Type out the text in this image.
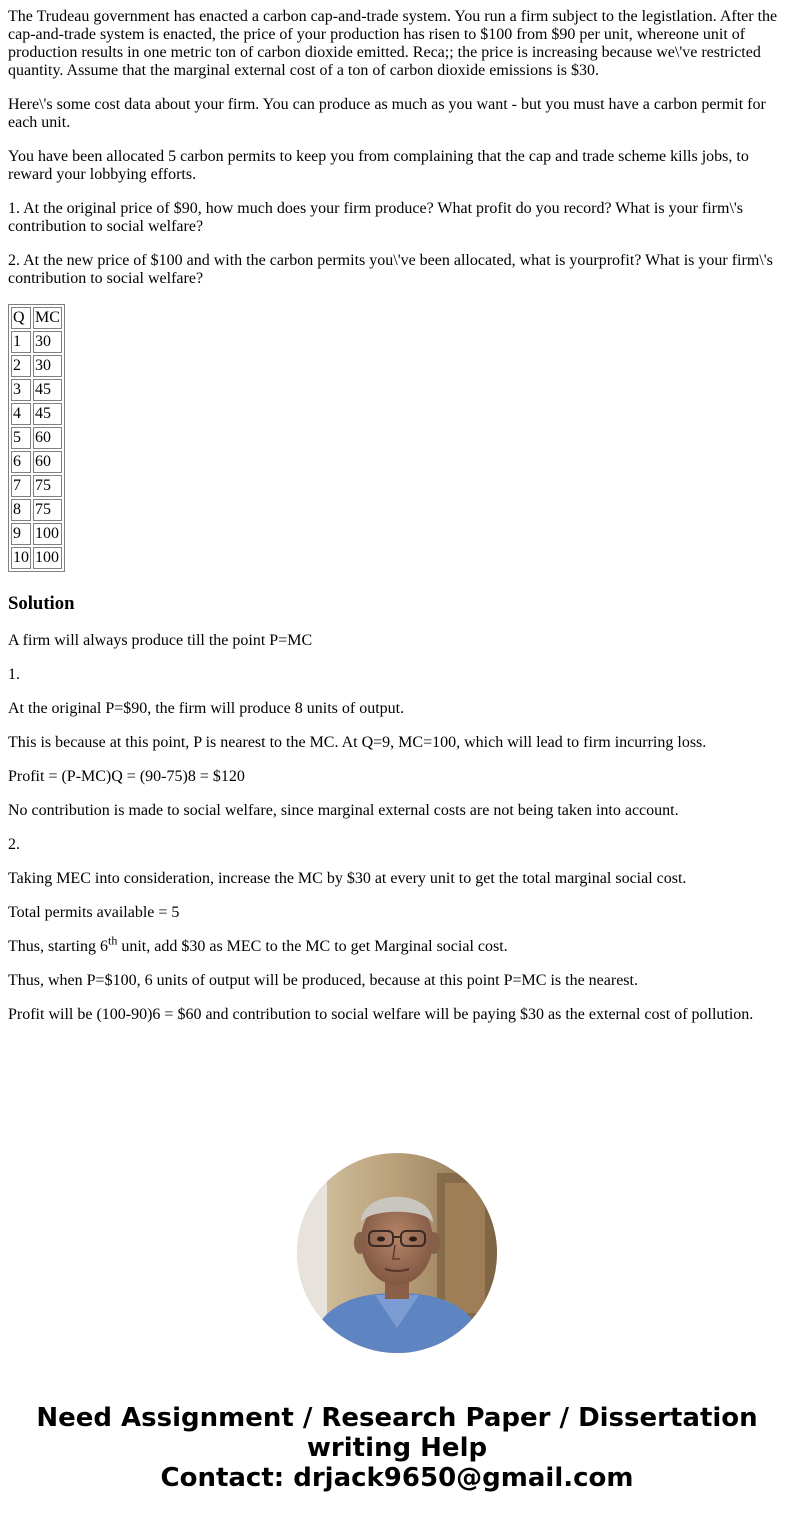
The Trudeau government has enacted a carbon cap-and-trade system. You run a firm subject to the legistlation. After the cap-and-trade system is enacted, the price of your production has risen to $100 from $90 per unit, whereone unit of production results in one metric ton of carbon dioxide emitted. Reca;; the price is increasing because we\'ve restricted quantity. Assume that the marginal external cost of a ton of carbon dioxide emissions is $30.

Here\'s some cost data about your firm. You can produce as much as you want - but you must have a carbon permit for each unit.

You have been allocated 5 carbon permits to keep you from complaining that the cap and trade scheme kills jobs, to reward your lobbying efforts.

1. At the original price of $90, how much does your firm produce? What profit do you record? What is your firm\'s contribution to social welfare?

2. At the new price of $100 and with the carbon permits you\'ve been allocated, what is yourprofit? What is your firm\'s contribution to social welfare?

Q	MC
1	30
2	30
3	45
4	45
5	60
6	60
7	75
8	75
9	100
10	100
Solution

A firm will always produce till the point P=MC

1.

At the original P=$90, the firm will produce 8 units of output.

This is because at this point, P is nearest to the MC. At Q=9, MC=100, which will lead to firm incurring loss.

Profit = (P-MC)Q = (90-75)8 = $120

No contribution is made to social welfare, since marginal external costs are not being taken into account.

2.

Taking MEC into consideration, increase the MC by $30 at every unit to get the total marginal social cost.

Total permits available = 5

Thus, starting 6th unit, add $30 as MEC to the MC to get Marginal social cost.

Thus, when P=$100, 6 units of output will be produced, because at this point P=MC is the nearest.

Profit will be (100-90)6 = $60 and contribution to social welfare will be paying $30 as the external cost of pollution.

Need Assignment / Research Paper / Dissertation
writing Help
Contact: drjack9650@gmail.com
